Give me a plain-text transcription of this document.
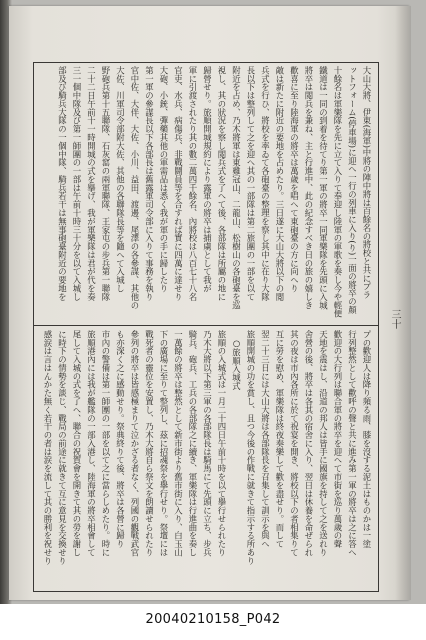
大山大將、伊東(海軍)中將の陣中將は百餘名の將校と共にプラ
ットフォーム(停車場)に迎へ一行の列車に入り(り)一面の將卒の顏
十餘名は軍樂隊を先に立て入りて奉迎し陸軍の軍歌を奏し今や輕便
鐵道は一同の到着を待てり第一軍の將卒一同軍樂隊を先頭に入城
將卒は閲兵を兼ね、主と行進中、此の紀念すべき日の旅の嬉しき
歡喜に至り陸海軍の將卒は萬歲を唱へて東砲臺の方に向へり
敵は新たに附近の要地を占めたり。三日遂に大山大將以下の閲
兵式を行ひ、將校を率ゐて各砲臺の整理を察し其中に在り大隊
長以下は整列して之を迎へ其の一部隊は第二旅團の一部を以て
附近を占め、乃木將軍は東雞冠山、二龍山、松樹山の各砲臺を巡
視し、其の狀況を察し閲兵式を了へて後、各部隊は所屬の地に
歸營せり。旅順開城規約により露軍の將卒は捕虜として我が
軍に引渡されたり其の數二萬四千餘名、內將校は八百七十八名
官吏、水兵、病傷兵、非戰鬪員等を合すれば實に四萬に達せり
大砲、小銃、彈藥其他の軍需品は悉く我が軍の手に歸したり
第一軍の參謀長以下各部長は舊露軍司令部に入りて事務を執り
官中佐、大伴、大佐、小川、益田、渡邊、尾澤の各參謀、其他の
大佐、川軍司令部附大佐、其他の各聯隊長等を隨へて入城し
野砲兵第十五聯隊、石灰窰の兩軍聯隊、王家屯の步兵第一聯隊
二十二日午前十一時開城の式を擧げ、我が軍樂隊は君が代を奏
三一個中隊及び第一師團の一部は午前十時三十分を以て入城し
部及び騎兵大隊の一個中隊、騎兵若干は無事砲臺附近の要地を
プの歡迎人は降り頻る雨、膝を沒する泥土はものかは一塗
行列整然として歡呼の聲と共に進み第一軍の將卒は之に答へ
歡迎の大行列は聯合軍の將卒を迎へて市街を巡り萬歲の聲
天地を震はし、沿道の邦人は皆手に國旗を持して之を送れり
舍營の後、將卒は各其の宿舍に入り、翌日は休養を命ぜられ
其の夜は市內各所に於て祝宴を開き、將校以下の者相集りて
互に勞を慰め、軍樂隊は終夜奏樂して歡を盡せり。而して
翌二十三日には大山大將は各部隊長を召集して訓示を與へ
旅順開城の功を賞し、且つ今後の作戰に就きて指示する所あり
○旅順入城式
旅順の入城式は一月二十四日午前十時を以て擧行せられたり
乃木大將以下第三軍の各部隊長は騎馬にて先頭に立ち、步兵
騎兵、砲兵、工兵の各部隊之に續き、軍樂隊は行進曲を奏し
一萬餘の將卒は整然として新市街より舊市街に入り、白玉山
下の廣場に至りて整列し、茲に招魂祭を擧行せり。祭壇には
戰死者の靈位を安置し、乃木大將自ら祭文を朗讀せられたり
參列の將卒は皆感極まりて泣かざる者なく、列國の觀戰武官
も亦深く之に感動せり。祭典終りて後、將卒は各營に歸り
市內の警備は第一師團の一部を以て之に當らしめたり。時に
旅順港內には我が艦隊の一部入港し、陸海軍の將卒相會して
尾して入城の式を了へ、聯合の祝賀會を開きて其の勞を謝し
に時下の情勢を談じ、戰局の前途に就きて互に意見を交換せり
感涙は言はんかた無く若干の者は涙を流して其の勝利を祝せり
三十
20040210158_P042
